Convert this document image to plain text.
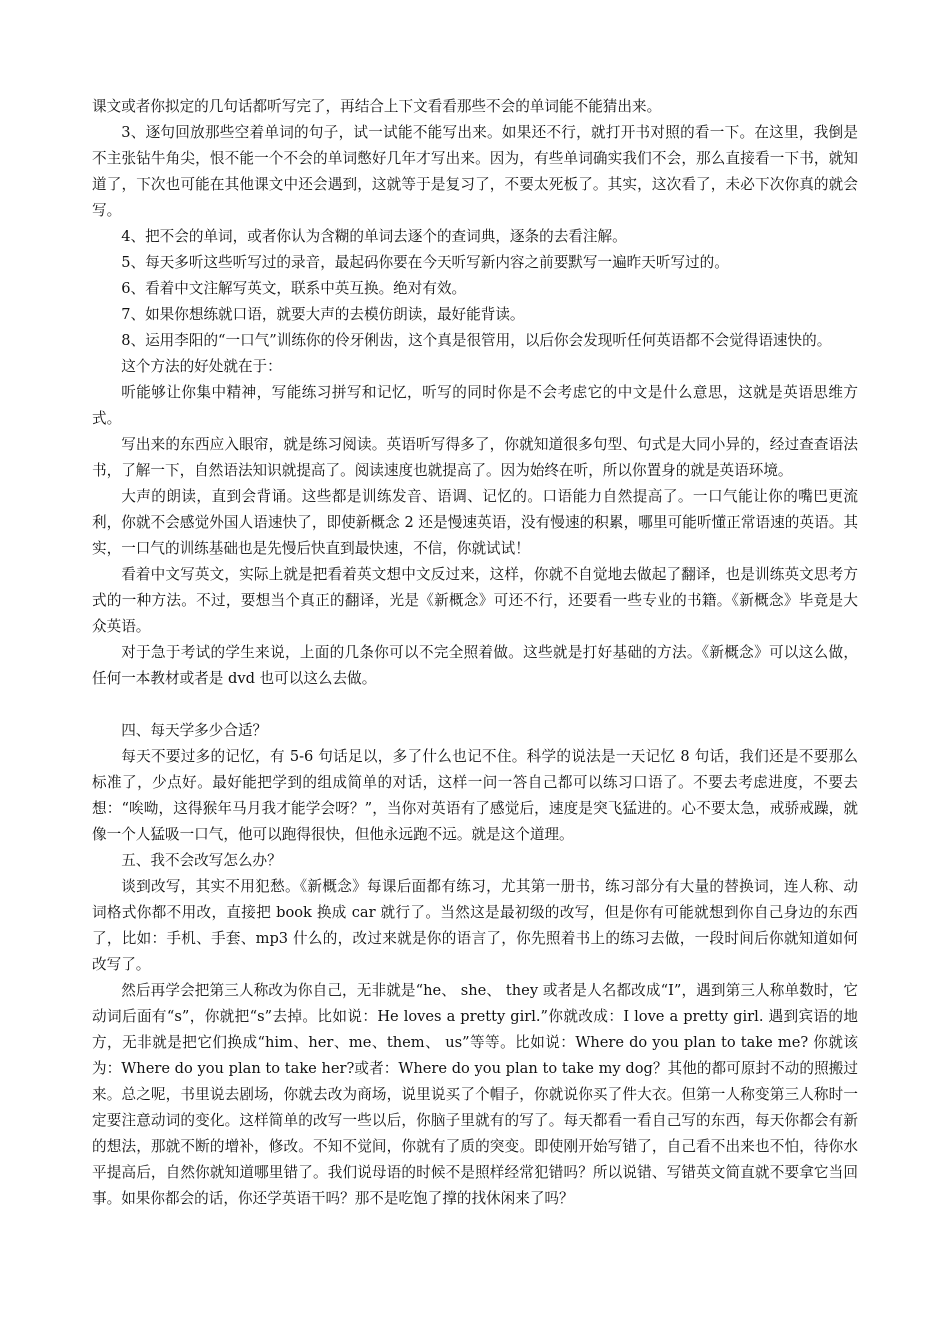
课文或者你拟定的几句话都听写完了，再结合上下文看看那些不会的单词能不能猜出来。

3、逐句回放那些空着单词的句子，试一试能不能写出来。如果还不行，就打开书对照的看一下。在这里，我倒是不主张钻牛角尖，恨不能一个不会的单词憋好几年才写出来。因为，有些单词确实我们不会，那么直接看一下书，就知道了，下次也可能在其他课文中还会遇到，这就等于是复习了，不要太死板了。其实，这次看了，未必下次你真的就会写。

4、把不会的单词，或者你认为含糊的单词去逐个的查词典，逐条的去看注解。

5、每天多听这些听写过的录音，最起码你要在今天听写新内容之前要默写一遍昨天听写过的。

6、看着中文注解写英文，联系中英互换。绝对有效。

7、如果你想练就口语，就要大声的去模仿朗读，最好能背读。

8、运用李阳的“一口气”训练你的伶牙俐齿，这个真是很管用，以后你会发现听任何英语都不会觉得语速快的。

这个方法的好处就在于：

听能够让你集中精神，写能练习拼写和记忆，听写的同时你是不会考虑它的中文是什么意思，这就是英语思维方式。

写出来的东西应入眼帘，就是练习阅读。英语听写得多了，你就知道很多句型、句式是大同小异的，经过查查语法书，了解一下，自然语法知识就提高了。阅读速度也就提高了。因为始终在听，所以你置身的就是英语环境。

大声的朗读，直到会背诵。这些都是训练发音、语调、记忆的。口语能力自然提高了。一口气能让你的嘴巴更流利，你就不会感觉外国人语速快了，即使新概念 2 还是慢速英语，没有慢速的积累，哪里可能听懂正常语速的英语。其实，一口气的训练基础也是先慢后快直到最快速，不信，你就试试！

看着中文写英文，实际上就是把看着英文想中文反过来，这样，你就不自觉地去做起了翻译，也是训练英文思考方式的一种方法。不过，要想当个真正的翻译，光是《新概念》可还不行，还要看一些专业的书籍。《新概念》毕竟是大众英语。

对于急于考试的学生来说，上面的几条你可以不完全照着做。这些就是打好基础的方法。《新概念》可以这么做，任何一本教材或者是 dvd 也可以这么去做。

四、每天学多少合适？

每天不要过多的记忆，有 5-6 句话足以，多了什么也记不住。科学的说法是一天记忆 8 句话，我们还是不要那么标准了，少点好。最好能把学到的组成简单的对话，这样一问一答自己都可以练习口语了。不要去考虑进度，不要去想：“唉呦，这得猴年马月我才能学会呀？”，当你对英语有了感觉后，速度是突飞猛进的。心不要太急，戒骄戒躁，就像一个人猛吸一口气，他可以跑得很快，但他永远跑不远。就是这个道理。

五、我不会改写怎么办？

谈到改写，其实不用犯愁。《新概念》每课后面都有练习，尤其第一册书，练习部分有大量的替换词，连人称、动词格式你都不用改，直接把 book 换成 car 就行了。当然这是最初级的改写，但是你有可能就想到你自己身边的东西了，比如：手机、手套、mp3 什么的，改过来就是你的语言了，你先照着书上的练习去做，一段时间后你就知道如何改写了。

然后再学会把第三人称改为你自己，无非就是“he、 she、 they 或者是人名都改成“I”，遇到第三人称单数时，它动词后面有“s”，你就把“s”去掉。比如说：He loves a pretty girl.”你就改成：I love a pretty girl. 遇到宾语的地方，无非就是把它们换成“him、her、me、them、 us”等等。比如说：Where do you plan to take me? 你就该为：Where do you plan to take her?或者：Where do you plan to take my dog？其他的都可原封不动的照搬过来。总之呢，书里说去剧场，你就去改为商场，说里说买了个帽子，你就说你买了件大衣。但第一人称变第三人称时一定要注意动词的变化。这样简单的改写一些以后，你脑子里就有的写了。每天都看一看自己写的东西，每天你都会有新的想法，那就不断的增补，修改。不知不觉间，你就有了质的突变。即使刚开始写错了，自己看不出来也不怕，待你水平提高后，自然你就知道哪里错了。我们说母语的时候不是照样经常犯错吗？所以说错、写错英文简直就不要拿它当回事。如果你都会的话，你还学英语干吗？那不是吃饱了撑的找休闲来了吗？
